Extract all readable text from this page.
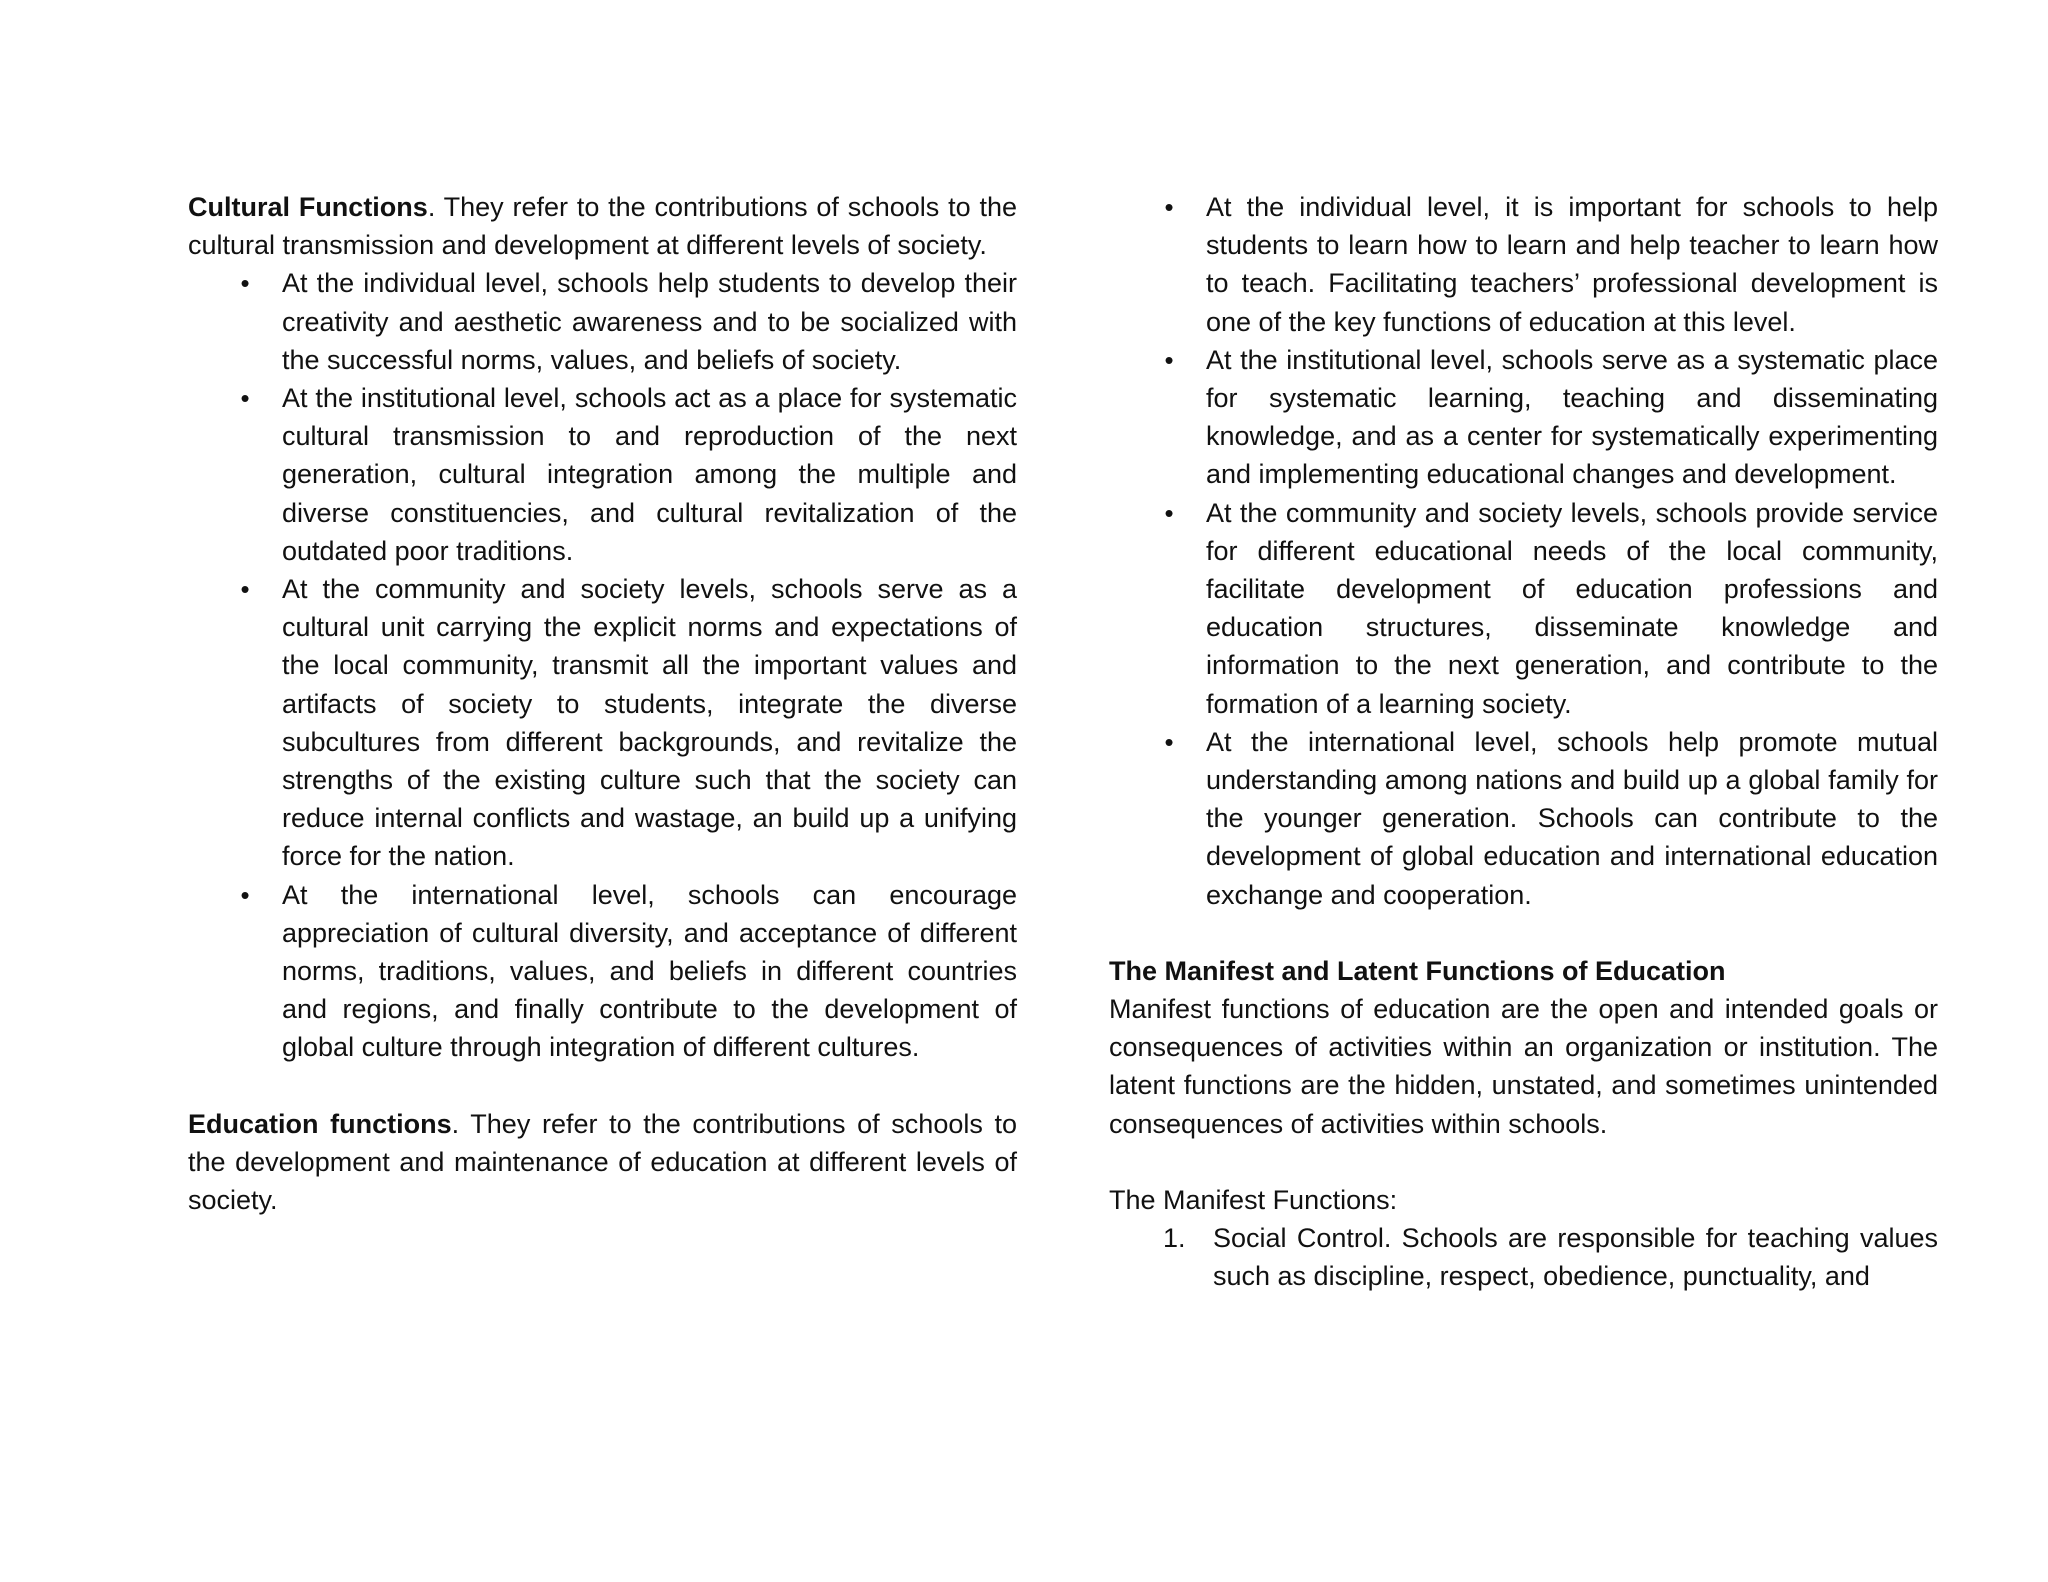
Cultural Functions. They refer to the contributions of schools to the cultural transmission and development at different levels of society.

• At the individual level, schools help students to develop their creativity and aesthetic awareness and to be socialized with the successful norms, values, and beliefs of society.
• At the institutional level, schools act as a place for systematic cultural transmission to and reproduction of the next generation, cultural integration among the multiple and diverse constituencies, and cultural revitalization of the outdated poor traditions.
• At the community and society levels, schools serve as a cultural unit carrying the explicit norms and expectations of the local community, transmit all the important values and artifacts of society to students, integrate the diverse subcultures from different backgrounds, and revitalize the strengths of the existing culture such that the society can reduce internal conflicts and wastage, an build up a unifying force for the nation.
• At the international level, schools can encourage appreciation of cultural diversity, and acceptance of different norms, traditions, values, and beliefs in different countries and regions, and finally contribute to the development of global culture through integration of different cultures.

Education functions. They refer to the contributions of schools to the development and maintenance of education at different levels of society.

• At the individual level, it is important for schools to help students to learn how to learn and help teacher to learn how to teach. Facilitating teachers’ professional development is one of the key functions of education at this level.
• At the institutional level, schools serve as a systematic place for systematic learning, teaching and disseminating knowledge, and as a center for systematically experimenting and implementing educational changes and development.
• At the community and society levels, schools provide service for different educational needs of the local community, facilitate development of education professions and education structures, disseminate knowledge and information to the next generation, and contribute to the formation of a learning society.
• At the international level, schools help promote mutual understanding among nations and build up a global family for the younger generation. Schools can contribute to the development of global education and international education exchange and cooperation.

The Manifest and Latent Functions of Education

Manifest functions of education are the open and intended goals or consequences of activities within an organization or institution. The latent functions are the hidden, unstated, and sometimes unintended consequences of activities within schools.

The Manifest Functions:

1. Social Control. Schools are responsible for teaching values such as discipline, respect, obedience, punctuality, and
